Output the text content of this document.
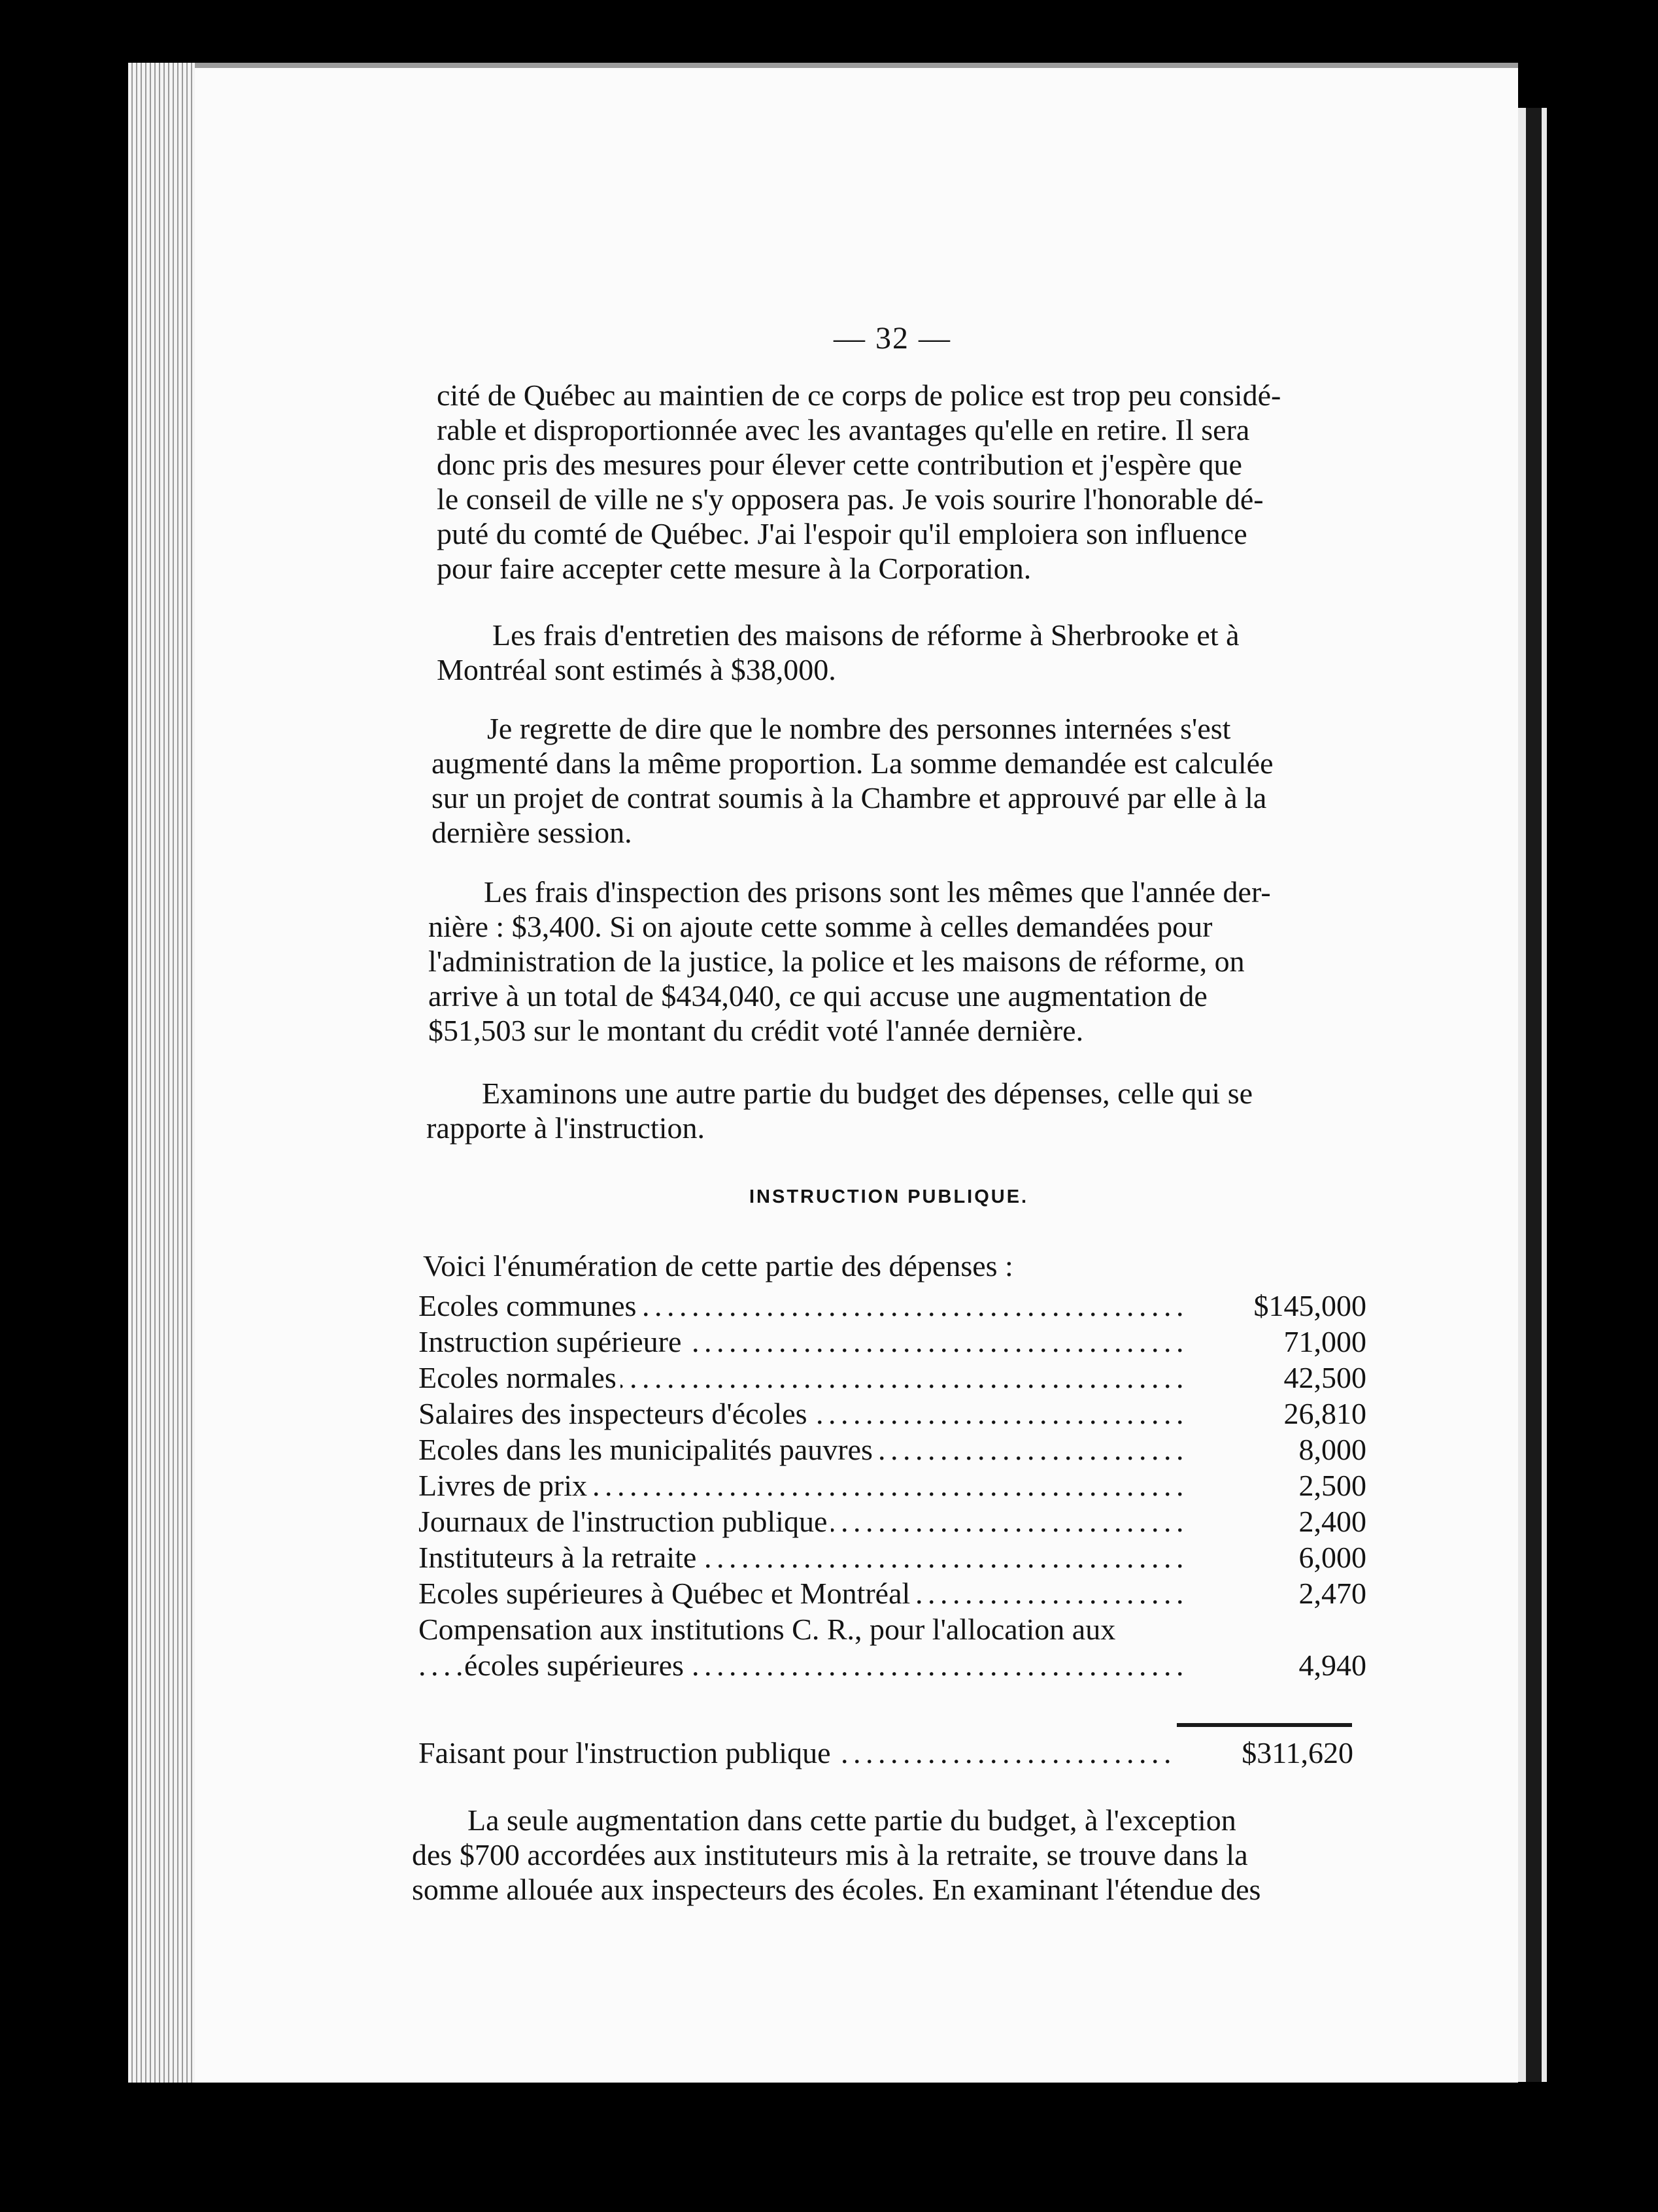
— 32 —
cité de Québec au maintien de ce corps de police est trop peu considé-
rable et disproportionnée avec les avantages qu'elle en retire. Il sera
donc pris des mesures pour élever cette contribution et j'espère que
le conseil de ville ne s'y opposera pas. Je vois sourire l'honorable dé-
puté du comté de Québec. J'ai l'espoir qu'il emploiera son influence
pour faire accepter cette mesure à la Corporation.
Les frais d'entretien des maisons de réforme à Sherbrooke et à
Montréal sont estimés à $38,000.
Je regrette de dire que le nombre des personnes internées s'est
augmenté dans la même proportion. La somme demandée est calculée
sur un projet de contrat soumis à la Chambre et approuvé par elle à la
dernière session.
Les frais d'inspection des prisons sont les mêmes que l'année der-
nière : $3,400. Si on ajoute cette somme à celles demandées pour
l'administration de la justice, la police et les maisons de réforme, on
arrive à un total de $434,040, ce qui accuse une augmentation de
$51,503 sur le montant du crédit voté l'année dernière.
Examinons une autre partie du budget des dépenses, celle qui se
rapporte à l'instruction.
INSTRUCTION PUBLIQUE.
Voici l'énumération de cette partie des dépenses :
. . .
Ecoles communes	$145,000
. . .
Instruction supérieure	71,000
. . .
Ecoles normales	42,500
. . .
Salaires des inspecteurs d'écoles	26,810
. . .
Ecoles dans les municipalités pauvres	8,000
. . .
Livres de prix	2,500
. . .
Journaux de l'instruction publique	2,400
. . .
Instituteurs à la retraite	6,000
. . .
Ecoles supérieures à Québec et Montréal	2,470
Compensation aux institutions C. R., pour l'allocation aux
. . .
écoles supérieures	4,940
. . .
Faisant pour l'instruction publique	$311,620
La seule augmentation dans cette partie du budget, à l'exception
des $700 accordées aux instituteurs mis à la retraite, se trouve dans la
somme allouée aux inspecteurs des écoles. En examinant l'étendue des
